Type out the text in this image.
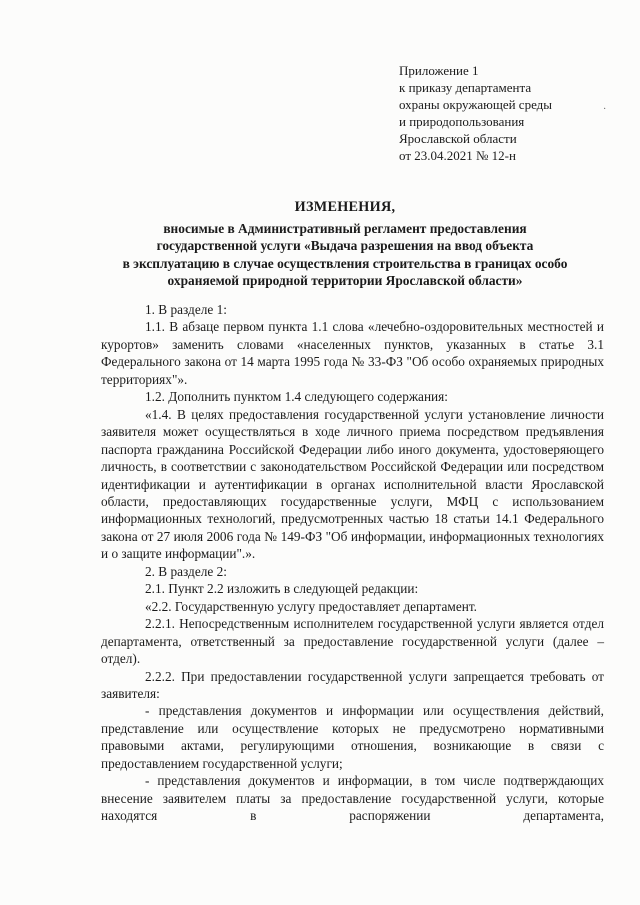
Приложение 1
к приказу департамента
охраны окружающей среды
и природопользования
Ярославской области
от 23.04.2021 № 12-н
ИЗМЕНЕНИЯ,
вносимые в Административный регламент предоставления
государственной услуги «Выдача разрешения на ввод объекта
в эксплуатацию в случае осуществления строительства в границах особо
охраняемой природной территории Ярославской области»

1. В разделе 1:

1.1. В абзаце первом пункта 1.1 слова «лечебно-оздоровительных местностей и курортов» заменить словами «населенных пунктов, указанных в статье 3.1 Федерального закона от 14 марта 1995 года № 33-ФЗ "Об особо охраняемых природных территориях"».

1.2. Дополнить пунктом 1.4 следующего содержания:

«1.4. В целях предоставления государственной услуги установление личности заявителя может осуществляться в ходе личного приема посредством предъявления паспорта гражданина Российской Федерации либо иного документа, удостоверяющего личность, в соответствии с законодательством Российской Федерации или посредством идентификации и аутентификации в органах исполнительной власти Ярославской области, предоставляющих государственные услуги, МФЦ с использованием информационных технологий, предусмотренных частью 18 статьи 14.1 Федерального закона от 27 июля 2006 года № 149-ФЗ "Об информации, информационных технологиях и о защите информации".».

2. В разделе 2:

2.1. Пункт 2.2 изложить в следующей редакции:

«2.2. Государственную услугу предоставляет департамент.

2.2.1. Непосредственным исполнителем государственной услуги является отдел департамента, ответственный за предоставление государственной услуги (далее – отдел).

2.2.2. При предоставлении государственной услуги запрещается требовать от заявителя:

- представления документов и информации или осуществления действий, представление или осуществление которых не предусмотрено нормативными правовыми актами, регулирующими отношения, возникающие в связи с предоставлением государственной услуги;

- представления документов и информации, в том числе подтверждающих внесение заявителем платы за предоставление государственной услуги, которые находятся в распоряжении департамента,

·
